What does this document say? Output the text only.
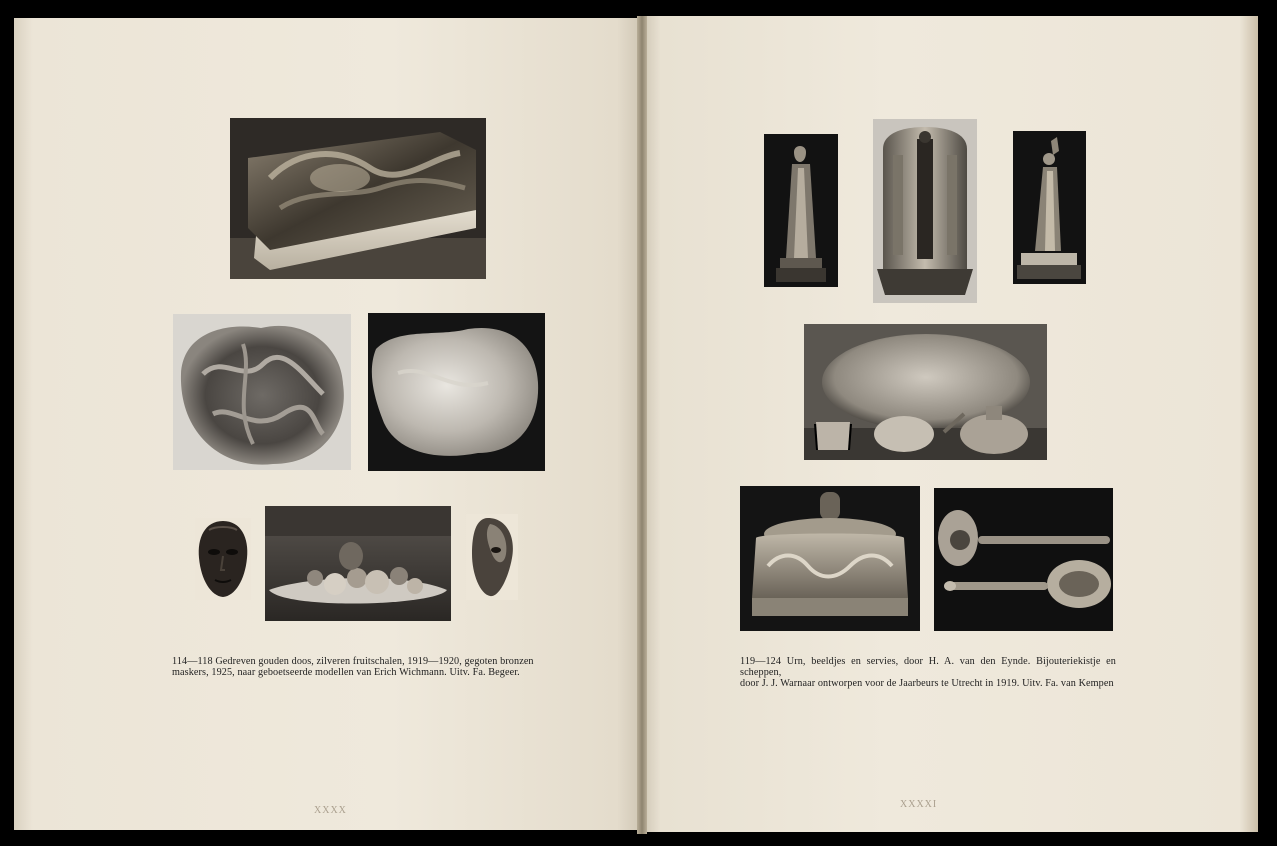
114—118 Gedreven gouden doos, zilveren fruitschalen, 1919—1920, gegoten bronzen
maskers, 1925, naar geboetseerde modellen van Erich Wichmann. Uitv. Fa. Begeer.
XXXX
119—124 Urn, beeldjes en servies, door H. A. van den Eynde. Bijouteriekistje en scheppen,
door J. J. Warnaar ontworpen voor de Jaarbeurs te Utrecht in 1919. Uitv. Fa. van Kempen
XXXXI
